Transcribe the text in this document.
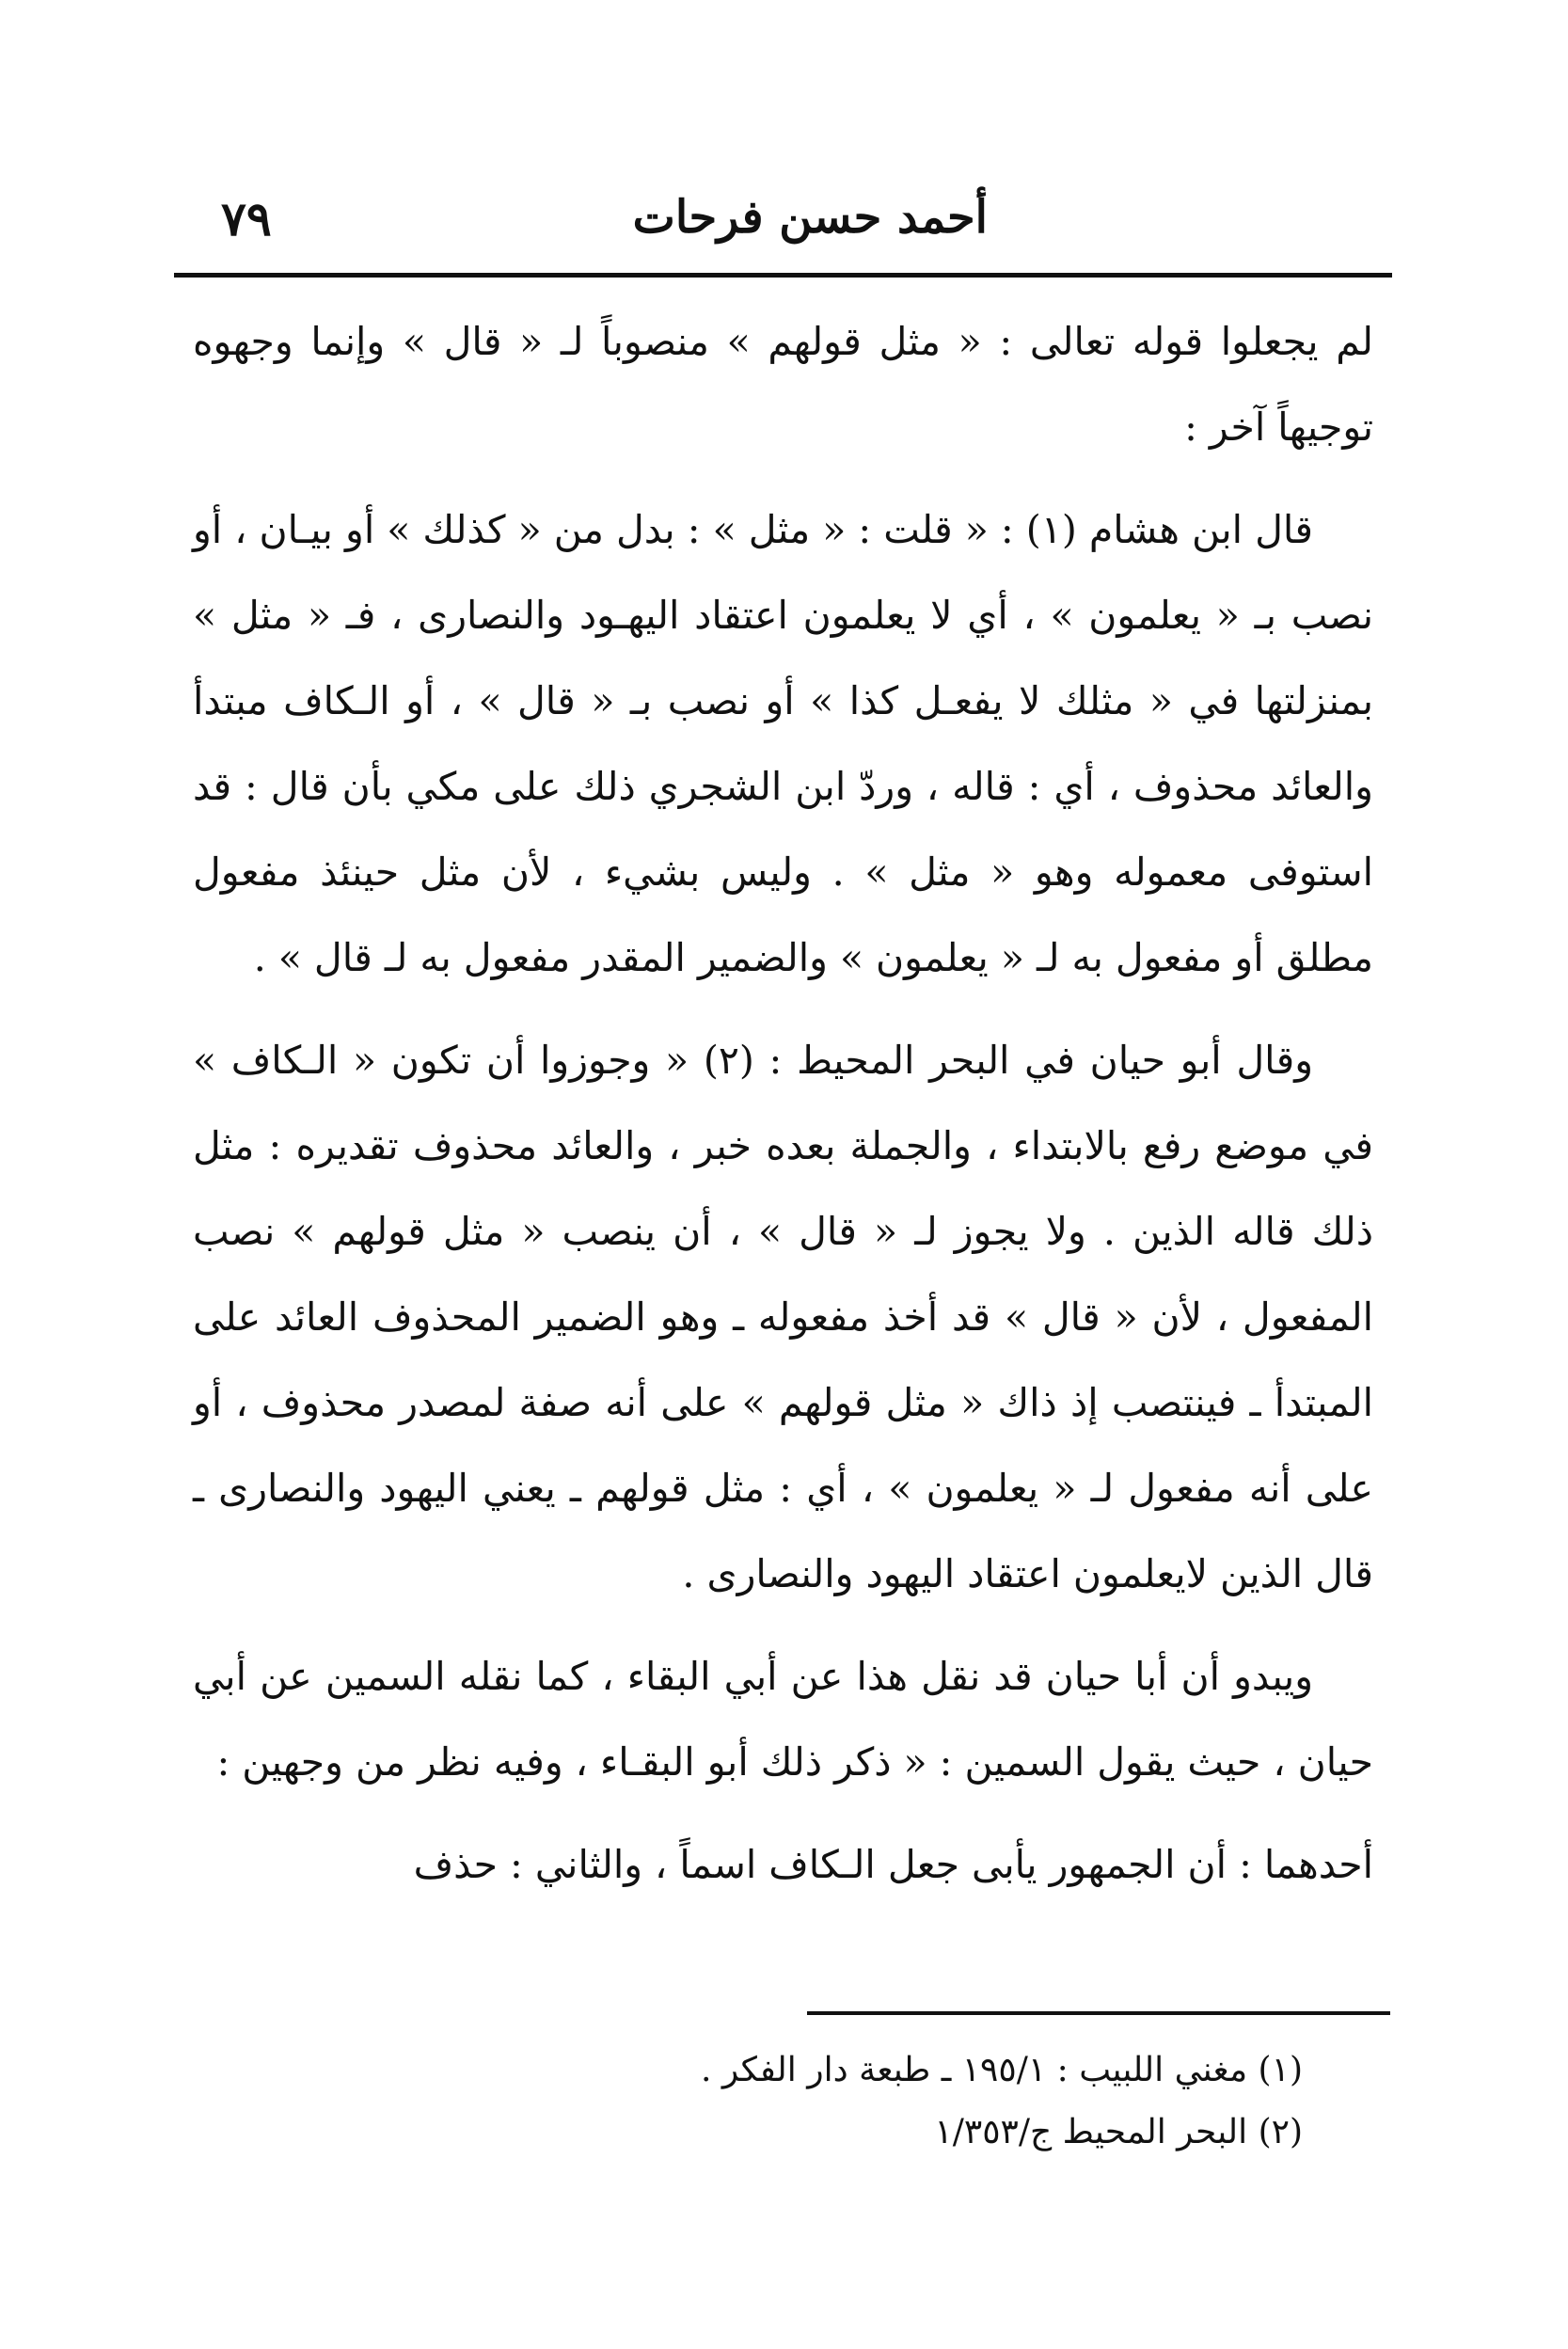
٧٩	أحمد حسن فرحات

لم يجعلوا قوله تعالى : « مثل قولهم » منصوباً لـ « قال » وإنما وجهوه توجيهاً آخر :

قال ابن هشام (١) : « قلت : « مثل » : بدل من « كذلك » أو بيـان ، أو نصب بـ « يعلمون » ، أي لا يعلمون اعتقاد اليهـود والنصارى ، فـ « مثل » بمنزلتها في « مثلك لا يفعـل كذا » أو نصب بـ « قال » ، أو الـكاف مبتدأ والعائد محذوف ، أي : قاله ، وردّ ابن الشجري ذلك على مكي بأن قال : قد استوفى معموله وهو « مثل » . وليس بشيء ، لأن مثل حينئذ مفعول مطلق أو مفعول به لـ « يعلمون » والضمير المقدر مفعول به لـ قال » .

وقال أبو حيان في البحر المحيط : (٢) « وجوزوا أن تكون « الـكاف » في موضع رفع بالابتداء ، والجملة بعده خبر ، والعائد محذوف تقديره : مثل ذلك قاله الذين . ولا يجوز لـ « قال » ، أن ينصب « مثل قولهم » نصب المفعول ، لأن « قال » قد أخذ مفعوله ـ وهو الضمير المحذوف العائد على المبتدأ ـ فينتصب إذ ذاك « مثل قولهم » على أنه صفة لمصدر محذوف ، أو على أنه مفعول لـ « يعلمون » ، أي : مثل قولهم ـ يعني اليهود والنصارى ـ قال الذين لايعلمون اعتقاد اليهود والنصارى .

ويبدو أن أبا حيان قد نقل هذا عن أبي البقاء ، كما نقله السمين عن أبي حيان ، حيث يقول السمين : « ذكر ذلك أبو البقـاء ، وفيه نظر من وجهين :

أحدهما : أن الجمهور يأبى جعل الـكاف اسماً ، والثاني : حذف

(١) مغني اللبيب : ١٩٥/١ ـ طبعة دار الفكر .

(٢) البحر المحيط ج/١/٣٥٣
